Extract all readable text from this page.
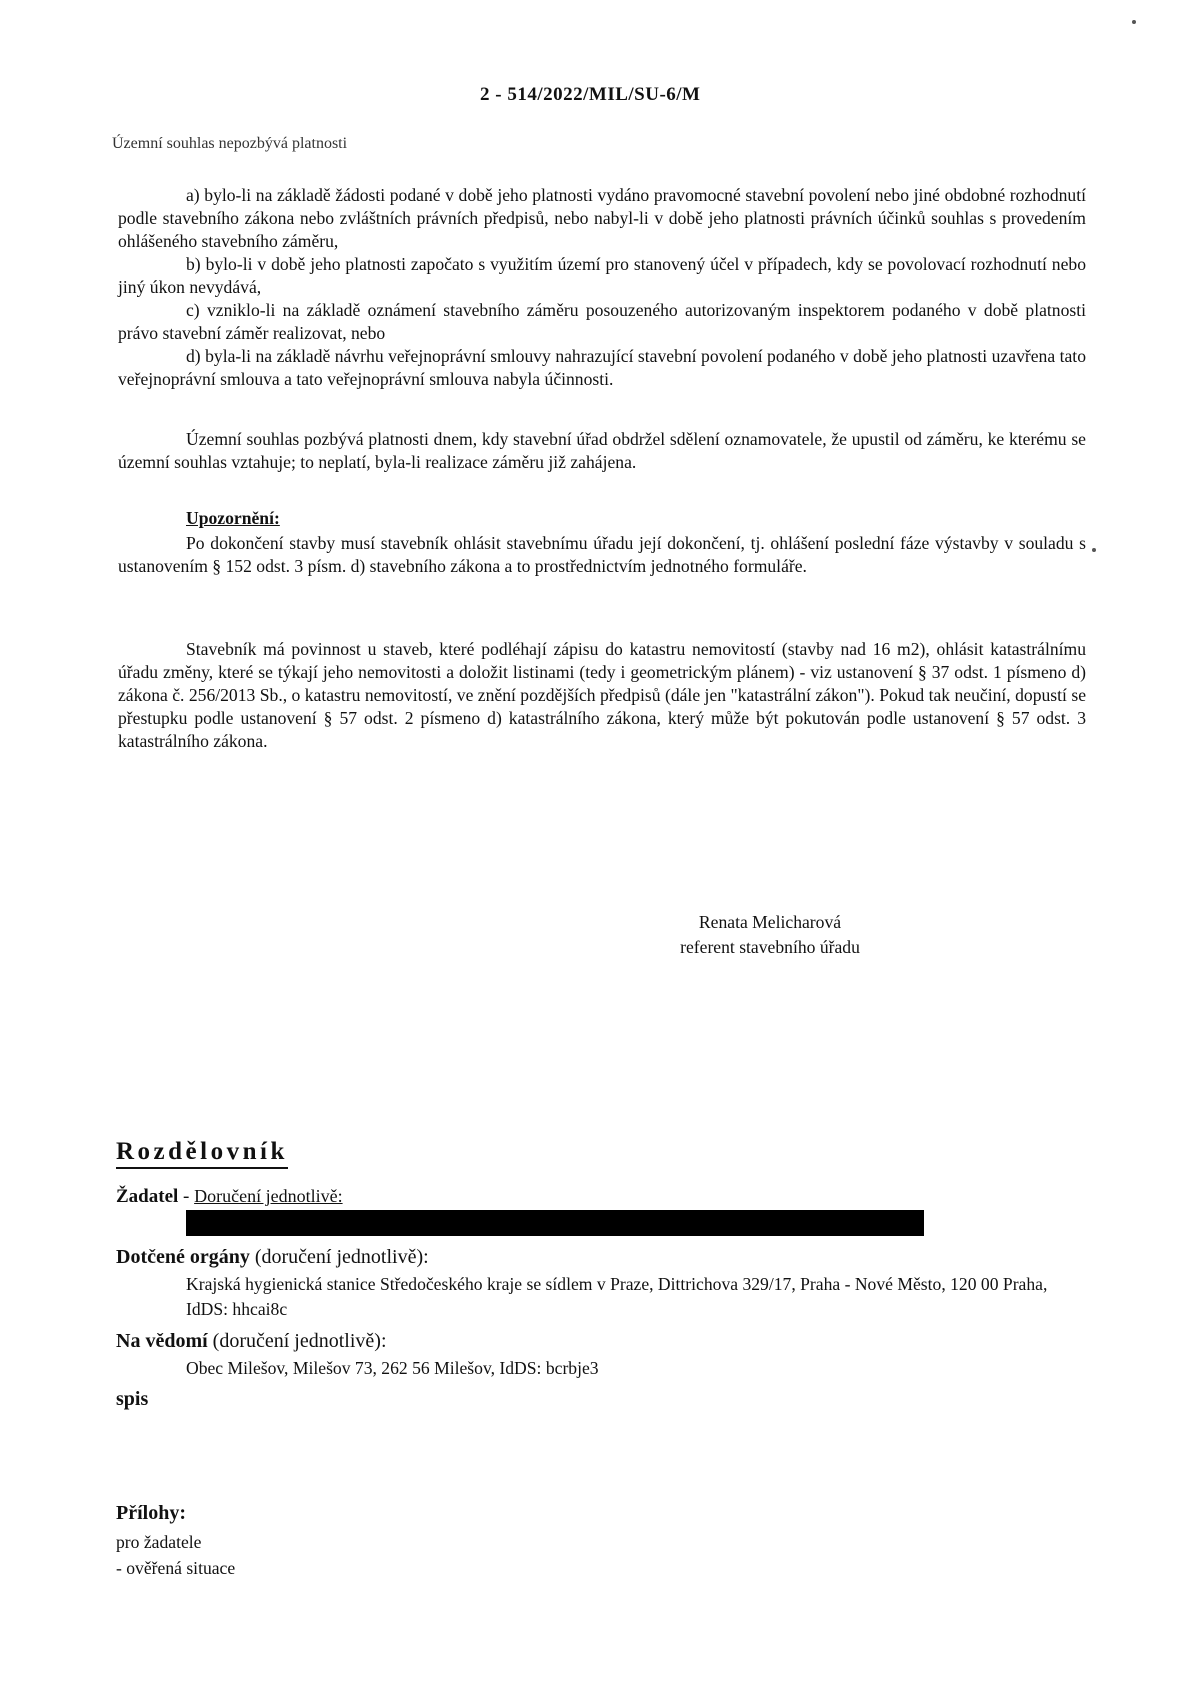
2 - 514/2022/MIL/SU-6/M
Územní souhlas nepozbývá platnosti
a) bylo-li na základě žádosti podané v době jeho platnosti vydáno pravomocné stavební povolení nebo jiné obdobné rozhodnutí podle stavebního zákona nebo zvláštních právních předpisů, nebo nabyl-li v době jeho platnosti právních účinků souhlas s provedením ohlášeného stavebního záměru,
b) bylo-li v době jeho platnosti započato s využitím území pro stanovený účel v případech, kdy se povolovací rozhodnutí nebo jiný úkon nevydává,
c) vzniklo-li na základě oznámení stavebního záměru posouzeného autorizovaným inspektorem podaného v době platnosti právo stavební záměr realizovat, nebo
d) byla-li na základě návrhu veřejnoprávní smlouvy nahrazující stavební povolení podaného v době jeho platnosti uzavřena tato veřejnoprávní smlouva a tato veřejnoprávní smlouva nabyla účinnosti.
Územní souhlas pozbývá platnosti dnem, kdy stavební úřad obdržel sdělení oznamovatele, že upustil od záměru, ke kterému se územní souhlas vztahuje; to neplatí, byla-li realizace záměru již zahájena.
Upozornění:
Po dokončení stavby musí stavebník ohlásit stavebnímu úřadu její dokončení, tj. ohlášení poslední fáze výstavby v souladu s ustanovením § 152 odst. 3 písm. d) stavebního zákona a to prostřednictvím jednotného formuláře.
Stavebník má povinnost u staveb, které podléhají zápisu do katastru nemovitostí (stavby nad 16 m2), ohlásit katastrálnímu úřadu změny, které se týkají jeho nemovitosti a doložit listinami (tedy i geometrickým plánem) - viz ustanovení § 37 odst. 1 písmeno d) zákona č. 256/2013 Sb., o katastru nemovitostí, ve znění pozdějších předpisů (dále jen "katastrální zákon"). Pokud tak neučiní, dopustí se přestupku podle ustanovení § 57 odst. 2 písmeno d) katastrálního zákona, který může být pokutován podle ustanovení § 57 odst. 3 katastrálního zákona.
Renata Melicharová
referent stavebního úřadu
Rozdělovník
Žadatel - Doručení jednotlivě:
Dotčené orgány (doručení jednotlivě):
Krajská hygienická stanice Středočeského kraje se sídlem v Praze, Dittrichova 329/17, Praha - Nové Město, 120 00 Praha, IdDS: hhcai8c
Na vědomí (doručení jednotlivě):
Obec Milešov, Milešov 73, 262 56 Milešov, IdDS: bcrbje3
spis
Přílohy:
pro žadatele
- ověřená situace
